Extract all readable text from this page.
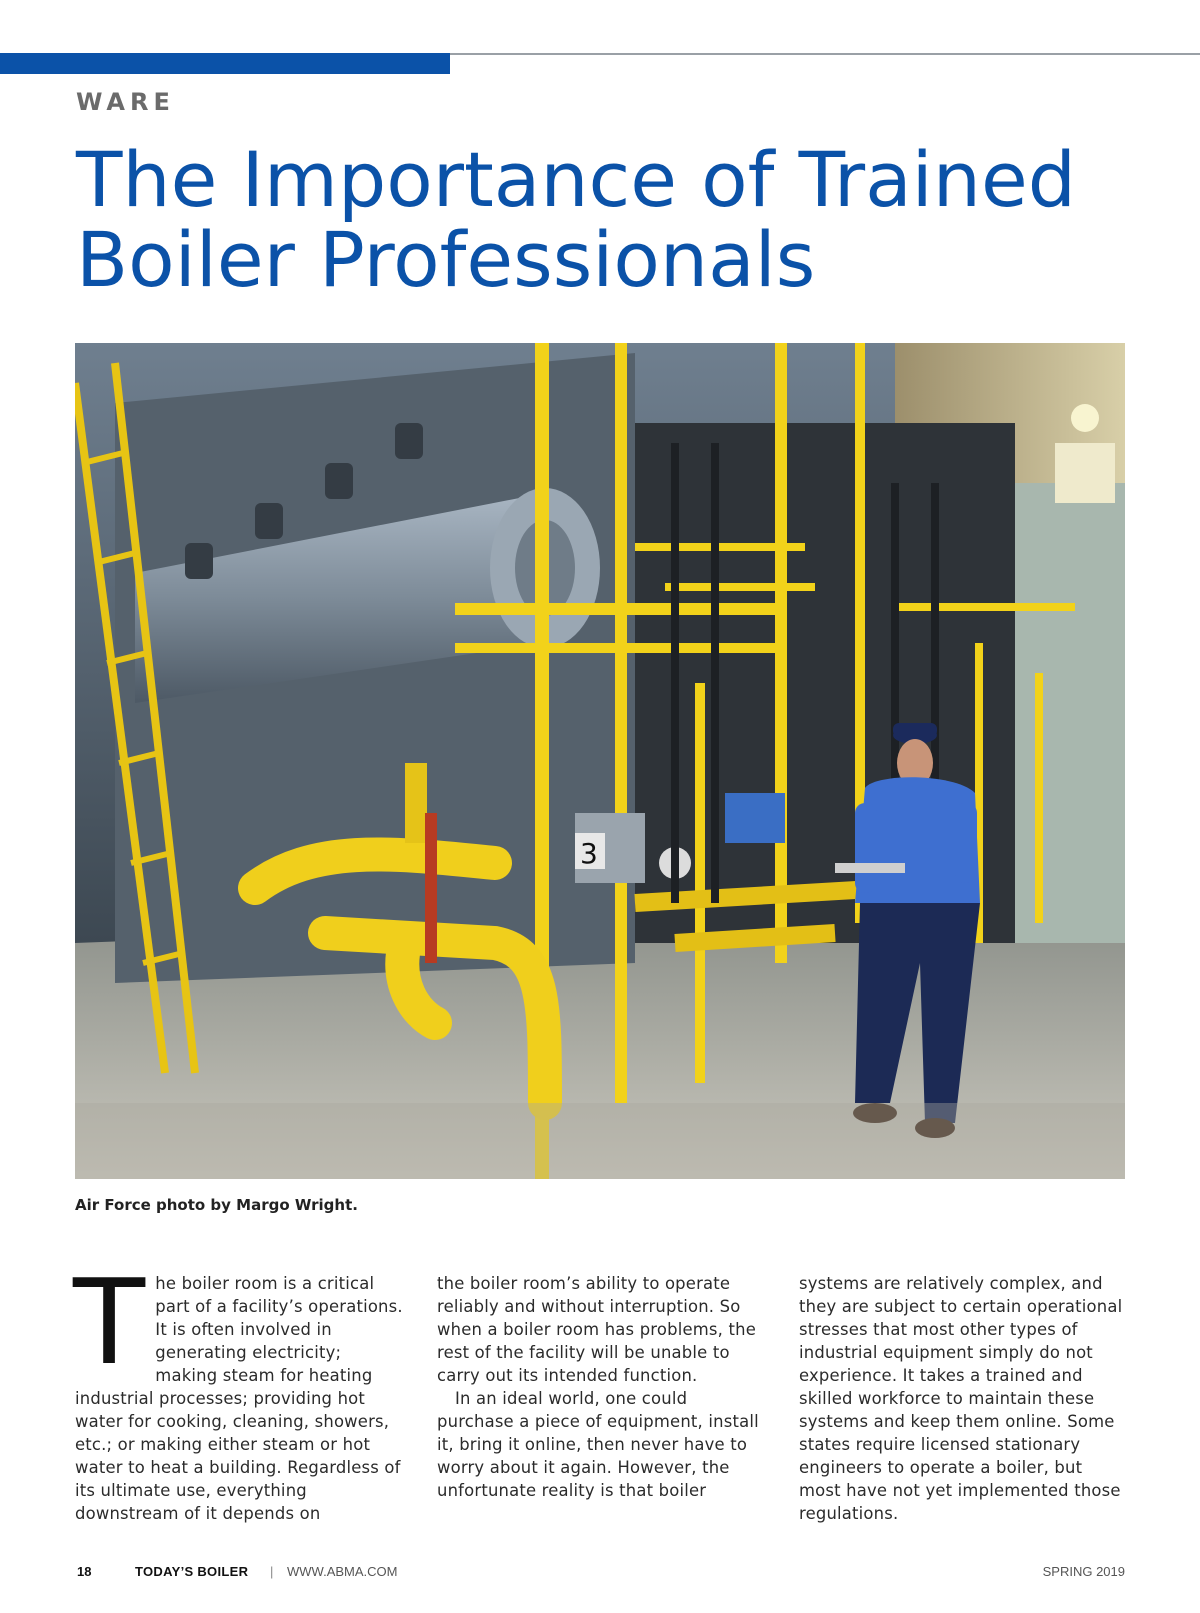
WARE
The Importance of Trained
Boiler Professionals
3

Air Force photo by Margo Wright.

T he boiler room is a critical part of a facility’s operations. It is often involved in generating electricity; making steam for heating industrial processes; providing hot water for cooking, cleaning, showers, etc.; or making either steam or hot water to heat a building. Regardless of its ultimate use, everything downstream of it depends on

the boiler room’s ability to operate reliably and without interruption. So when a boiler room has problems, the rest of the facility will be unable to carry out its intended function.

In an ideal world, one could purchase a piece of equipment, install it, bring it online, then never have to worry about it again. However, the unfortunate reality is that boiler

systems are relatively complex, and they are subject to certain operational stresses that most other types of industrial equipment simply do not experience. It takes a trained and skilled workforce to maintain these systems and keep them online. Some states require licensed stationary engineers to operate a boiler, but most have not yet implemented those regulations.

18	TODAY’S BOILER | WWW.ABMA.COM	SPRING 2019
